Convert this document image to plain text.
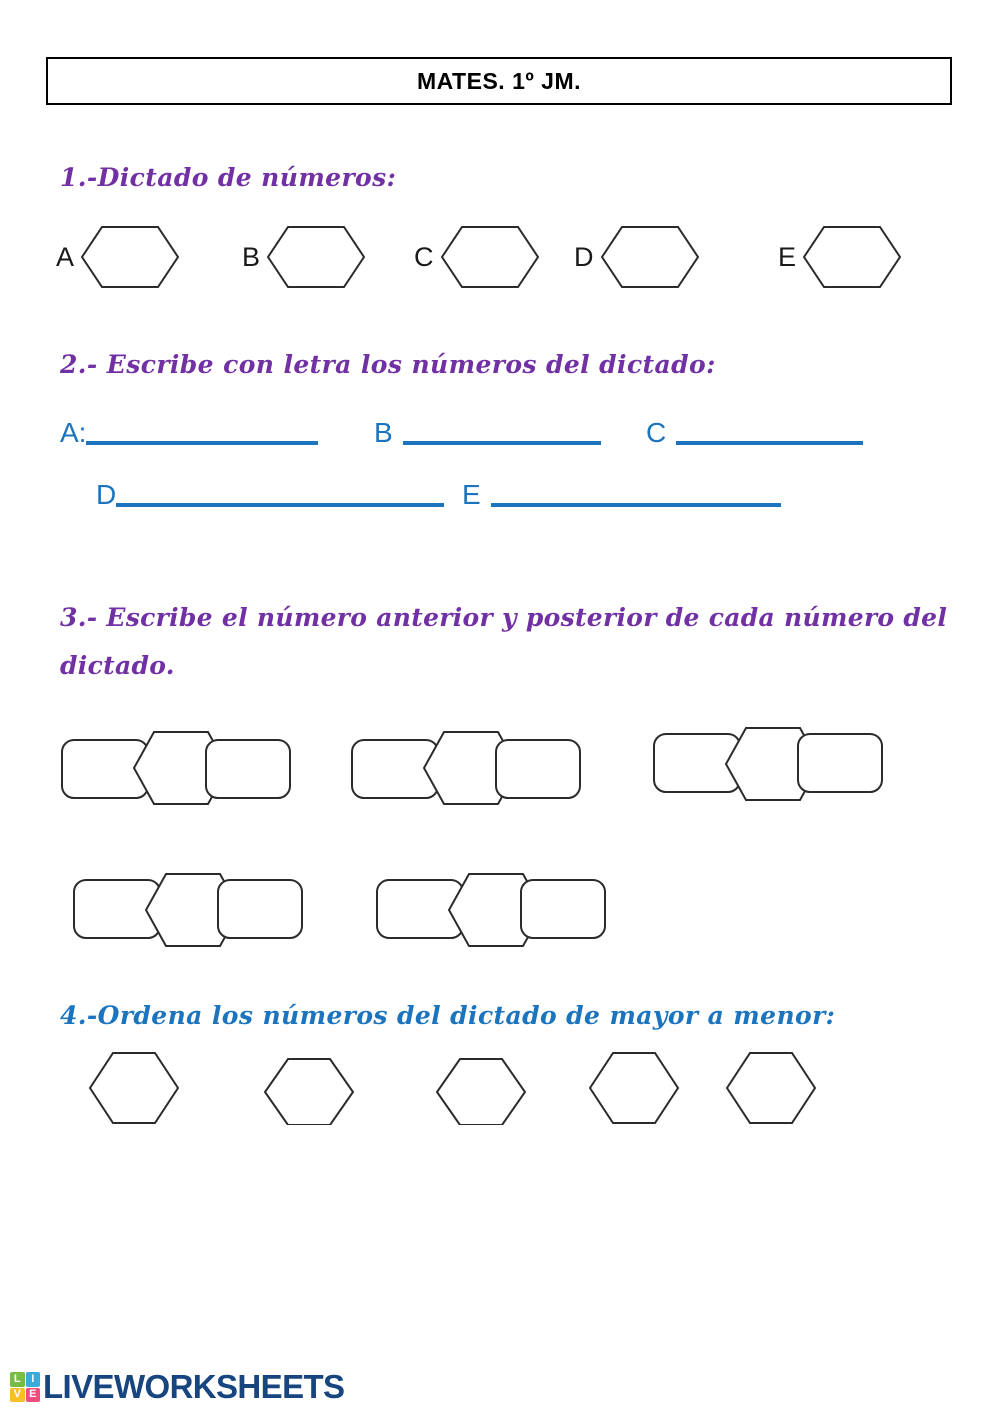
MATES. 1º JM.
1.-Dictado de números:
A	B	C	D	E
2.- Escribe con letra los números del dictado:
A:	B	C
D	E
3.- Escribe el número anterior y posterior de cada número del dictado.
4.-Ordena los números del dictado de mayor a menor:
L I
V E LIVEWORKSHEETS
